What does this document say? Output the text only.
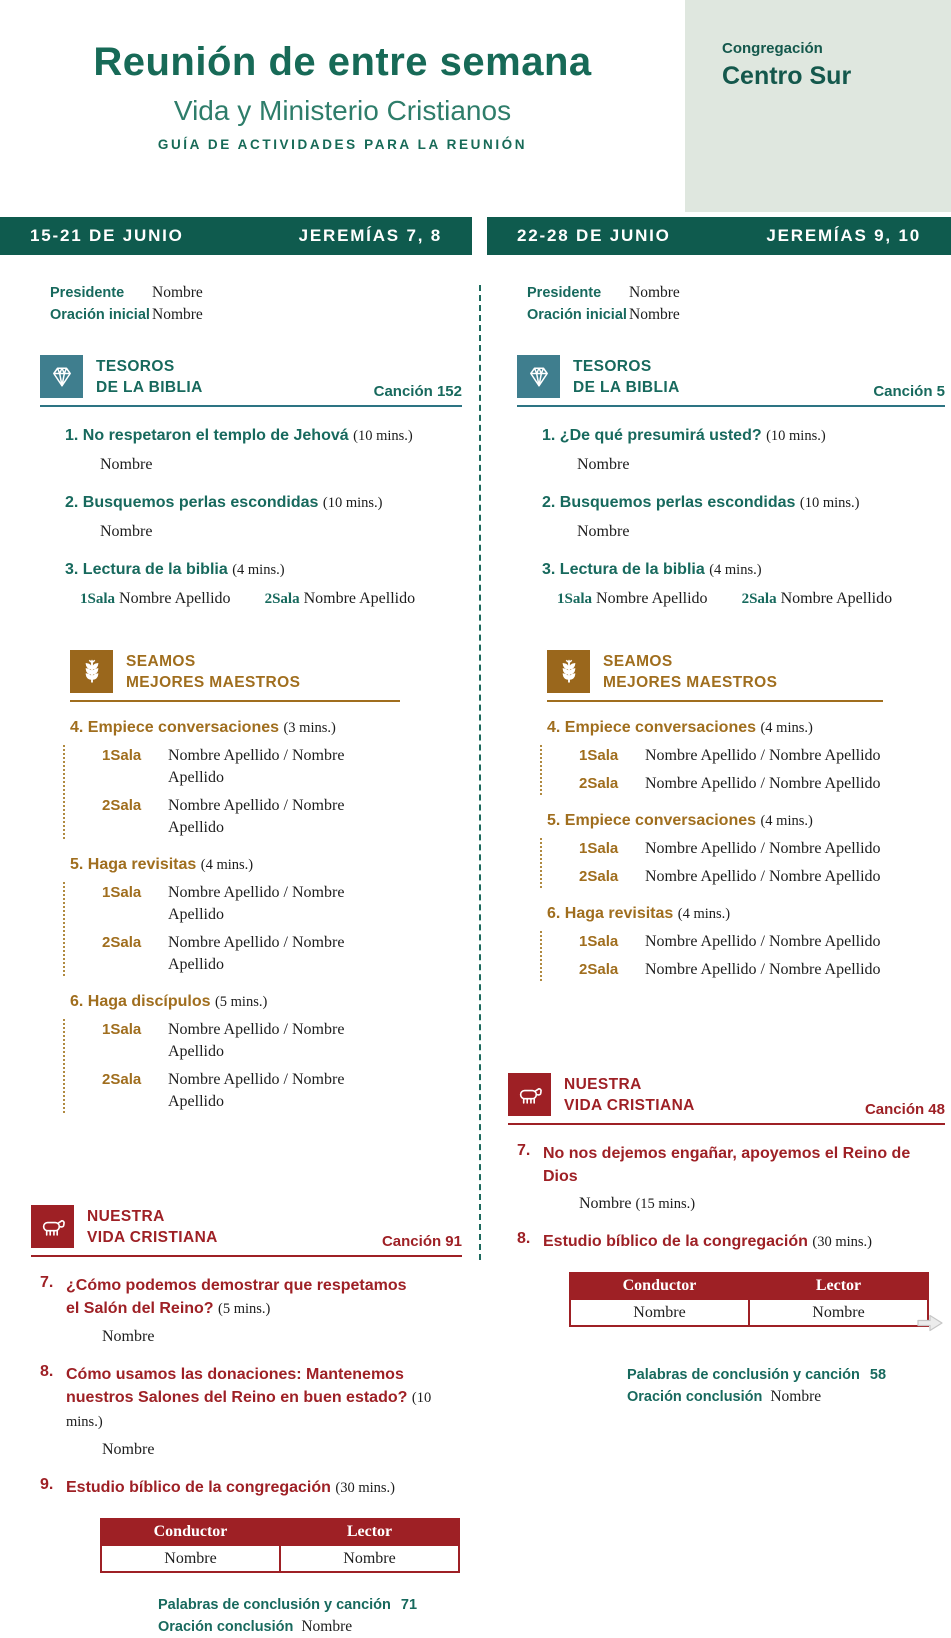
Reunión de entre semana
Vida y Ministerio Cristianos
GUÍA DE ACTIVIDADES PARA LA REUNIÓN
Congregación
Centro Sur
15-21 DE JUNIO	JEREMÍAS 7, 8
Presidente	Nombre
Oración inicial Nombre
TESOROS
DE LA BIBLIA	Canción 152
1. No respetaron el templo de Jehová (10 mins.)
Nombre
2. Busquemos perlas escondidas (10 mins.)
Nombre
3. Lectura de la biblia (4 mins.)
1Sala Nombre Apellido 2Sala Nombre Apellido
SEAMOS
MEJORES MAESTROS
4. Empiece conversaciones (3 mins.)
1Sala	Nombre Apellido / Nombre Apellido
2Sala	Nombre Apellido / Nombre Apellido
5. Haga revisitas (4 mins.)
1Sala	Nombre Apellido / Nombre Apellido
2Sala	Nombre Apellido / Nombre Apellido
6. Haga discípulos (5 mins.)
1Sala	Nombre Apellido / Nombre Apellido
2Sala	Nombre Apellido / Nombre Apellido
NUESTRA
VIDA CRISTIANA	Canción 91
7. ¿Cómo podemos demostrar que respetamos
el Salón del Reino? (5 mins.)
Nombre
8. Cómo usamos las donaciones: Mantenemos
nuestros Salones del Reino en buen estado? (10 mins.)
Nombre
9. Estudio bíblico de la congregación (30 mins.)
Conductor	Lector
Nombre	Nombre
Palabras de conclusión y canción 71
Oración conclusión Nombre
22-28 DE JUNIO	JEREMÍAS 9, 10
Presidente	Nombre
Oración inicial Nombre
TESOROS
DE LA BIBLIA	Canción 5
1. ¿De qué presumirá usted? (10 mins.)
Nombre
2. Busquemos perlas escondidas (10 mins.)
Nombre
3. Lectura de la biblia (4 mins.)
1Sala Nombre Apellido 2Sala Nombre Apellido
SEAMOS
MEJORES MAESTROS
4. Empiece conversaciones (4 mins.)
1Sala	Nombre Apellido / Nombre Apellido
2Sala	Nombre Apellido / Nombre Apellido
5. Empiece conversaciones (4 mins.)
1Sala	Nombre Apellido / Nombre Apellido
2Sala	Nombre Apellido / Nombre Apellido
6. Haga revisitas (4 mins.)
1Sala	Nombre Apellido / Nombre Apellido
2Sala	Nombre Apellido / Nombre Apellido
NUESTRA
VIDA CRISTIANA	Canción 48
7. No nos dejemos engañar, apoyemos el Reino de Dios
Nombre (15 mins.)
8. Estudio bíblico de la congregación (30 mins.)
Conductor	Lector
Nombre	Nombre
Palabras de conclusión y canción 58
Oración conclusión Nombre
